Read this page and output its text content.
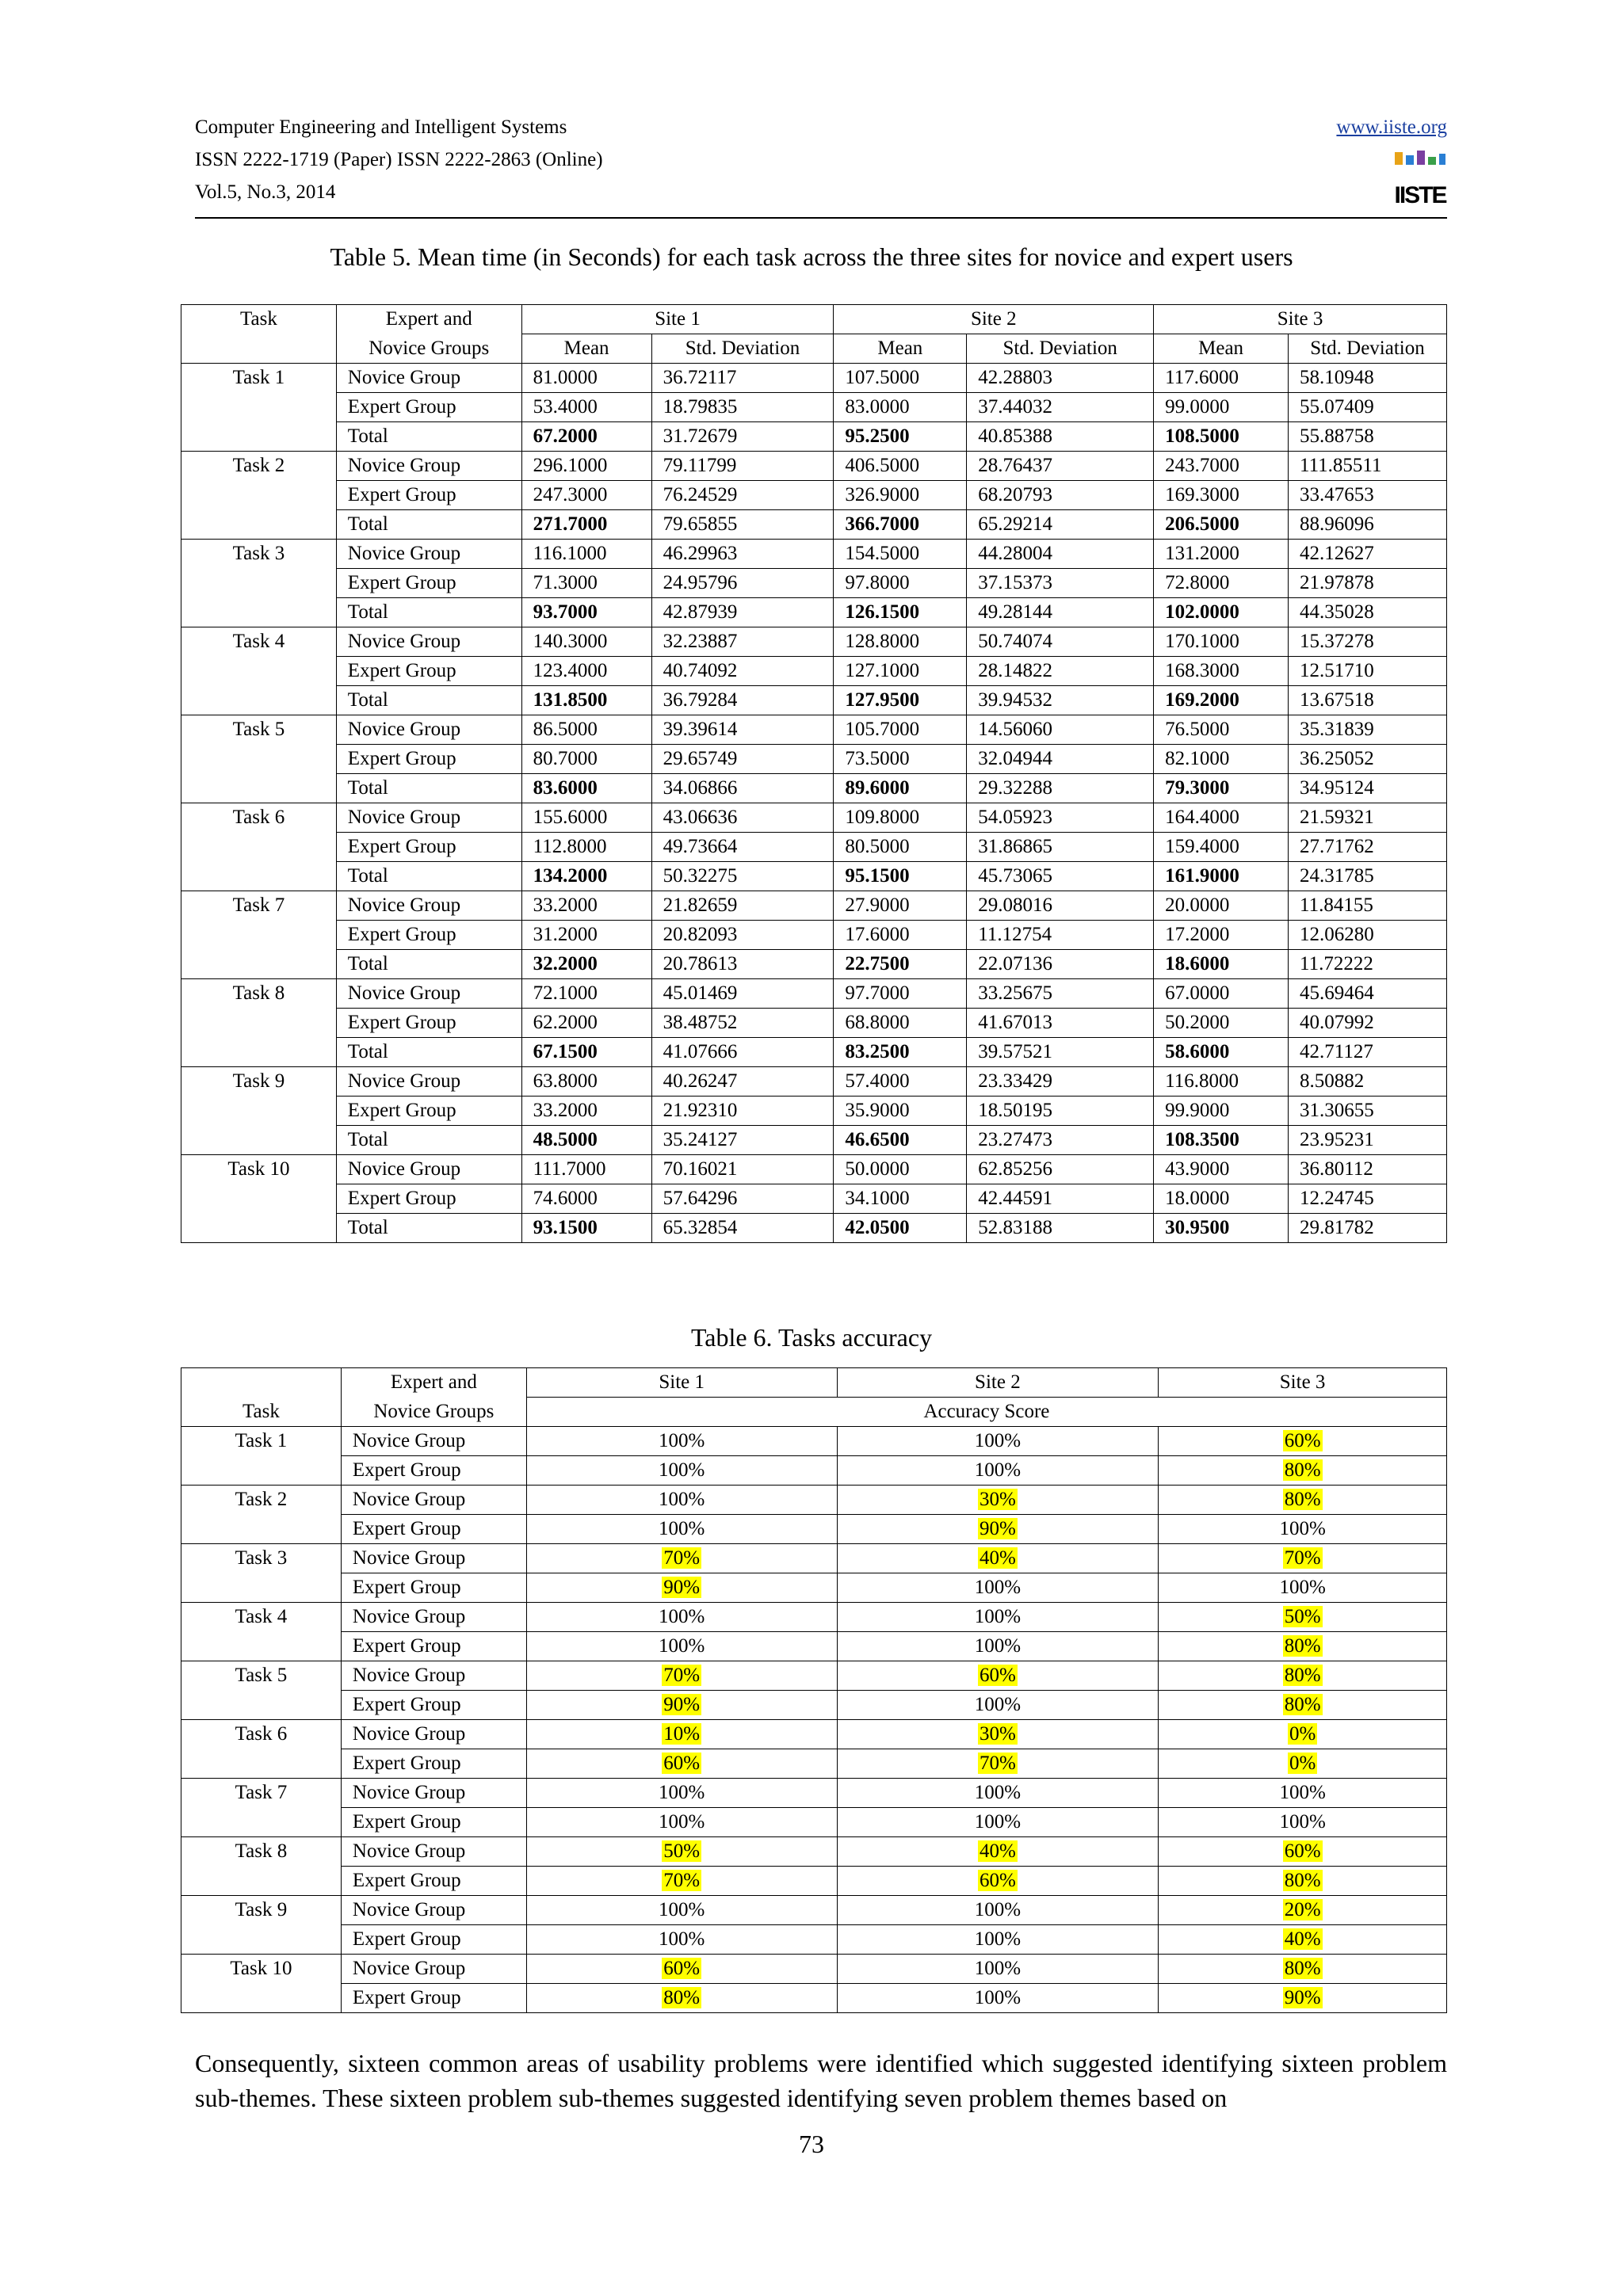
Computer Engineering and Intelligent Systems
ISSN 2222-1719 (Paper) ISSN 2222-2863 (Online)
Vol.5, No.3, 2014
www.iiste.org
IISTE
Table 5. Mean time (in Seconds) for each task across the three sites for novice and expert users
Task	Expert and	Site 1		Site 2		Site 3	
	Novice Groups	Mean	Std. Deviation	Mean	Std. Deviation	Mean	Std. Deviation
Task 1	Novice Group	81.0000	36.72117	107.5000	42.28803	117.6000	58.10948
	Expert Group	53.4000	18.79835	83.0000	37.44032	99.0000	55.07409
	Total	67.2000	31.72679	95.2500	40.85388	108.5000	55.88758
Task 2	Novice Group	296.1000	79.11799	406.5000	28.76437	243.7000	111.85511
	Expert Group	247.3000	76.24529	326.9000	68.20793	169.3000	33.47653
	Total	271.7000	79.65855	366.7000	65.29214	206.5000	88.96096
Task 3	Novice Group	116.1000	46.29963	154.5000	44.28004	131.2000	42.12627
	Expert Group	71.3000	24.95796	97.8000	37.15373	72.8000	21.97878
	Total	93.7000	42.87939	126.1500	49.28144	102.0000	44.35028
Task 4	Novice Group	140.3000	32.23887	128.8000	50.74074	170.1000	15.37278
	Expert Group	123.4000	40.74092	127.1000	28.14822	168.3000	12.51710
	Total	131.8500	36.79284	127.9500	39.94532	169.2000	13.67518
Task 5	Novice Group	86.5000	39.39614	105.7000	14.56060	76.5000	35.31839
	Expert Group	80.7000	29.65749	73.5000	32.04944	82.1000	36.25052
	Total	83.6000	34.06866	89.6000	29.32288	79.3000	34.95124
Task 6	Novice Group	155.6000	43.06636	109.8000	54.05923	164.4000	21.59321
	Expert Group	112.8000	49.73664	80.5000	31.86865	159.4000	27.71762
	Total	134.2000	50.32275	95.1500	45.73065	161.9000	24.31785
Task 7	Novice Group	33.2000	21.82659	27.9000	29.08016	20.0000	11.84155
	Expert Group	31.2000	20.82093	17.6000	11.12754	17.2000	12.06280
	Total	32.2000	20.78613	22.7500	22.07136	18.6000	11.72222
Task 8	Novice Group	72.1000	45.01469	97.7000	33.25675	67.0000	45.69464
	Expert Group	62.2000	38.48752	68.8000	41.67013	50.2000	40.07992
	Total	67.1500	41.07666	83.2500	39.57521	58.6000	42.71127
Task 9	Novice Group	63.8000	40.26247	57.4000	23.33429	116.8000	8.50882
	Expert Group	33.2000	21.92310	35.9000	18.50195	99.9000	31.30655
	Total	48.5000	35.24127	46.6500	23.27473	108.3500	23.95231
Task 10	Novice Group	111.7000	70.16021	50.0000	62.85256	43.9000	36.80112
	Expert Group	74.6000	57.64296	34.1000	42.44591	18.0000	12.24745
	Total	93.1500	65.32854	42.0500	52.83188	30.9500	29.81782
Table 6. Tasks accuracy
	Expert and	Site 1	Site 2	Site 3
Task	Novice Groups	Accuracy Score		
Task 1	Novice Group	100%	100%	60%
	Expert Group	100%	100%	80%
Task 2	Novice Group	100%	30%	80%
	Expert Group	100%	90%	100%
Task 3	Novice Group	70%	40%	70%
	Expert Group	90%	100%	100%
Task 4	Novice Group	100%	100%	50%
	Expert Group	100%	100%	80%
Task 5	Novice Group	70%	60%	80%
	Expert Group	90%	100%	80%
Task 6	Novice Group	10%	30%	0%
	Expert Group	60%	70%	0%
Task 7	Novice Group	100%	100%	100%
	Expert Group	100%	100%	100%
Task 8	Novice Group	50%	40%	60%
	Expert Group	70%	60%	80%
Task 9	Novice Group	100%	100%	20%
	Expert Group	100%	100%	40%
Task 10	Novice Group	60%	100%	80%
	Expert Group	80%	100%	90%
Consequently, sixteen common areas of usability problems were identified which suggested identifying sixteen problem sub-themes. These sixteen problem sub-themes suggested identifying seven problem themes based on
73
